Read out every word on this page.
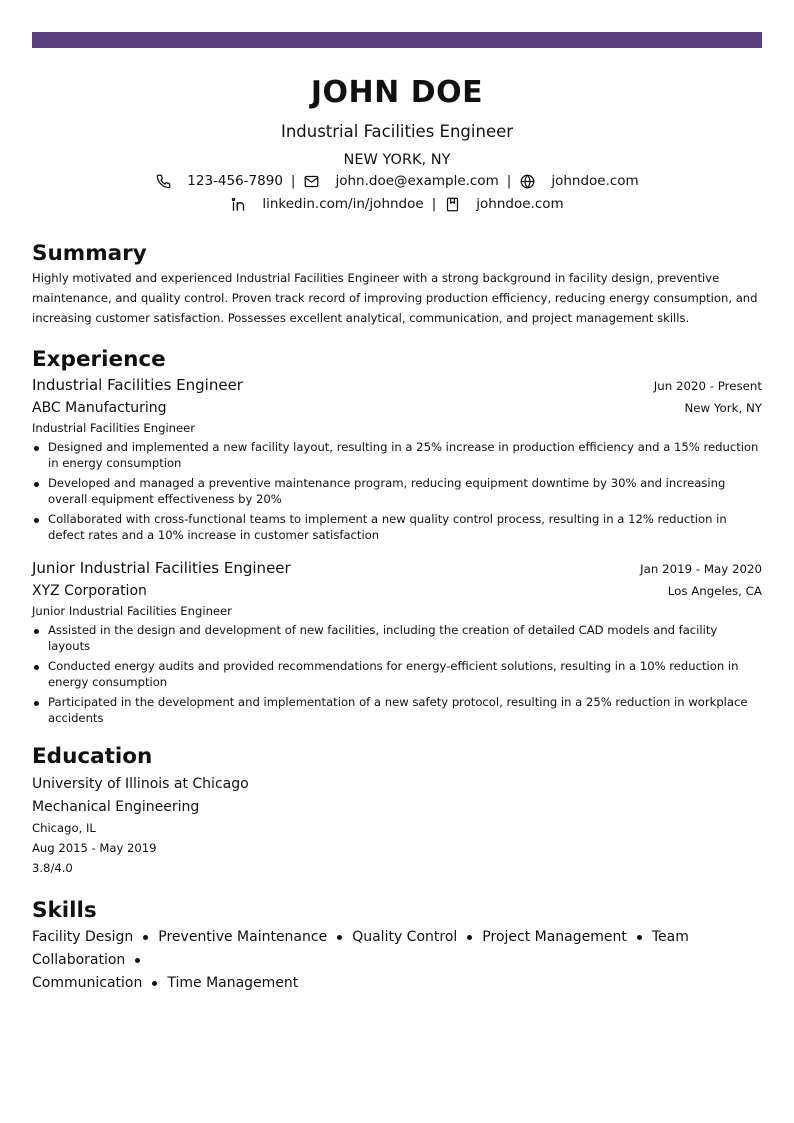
JOHN DOE
Industrial Facilities Engineer
NEW YORK, NY
123-456-7890 |	john.doe@example.com |	johndoe.com
linkedin.com/in/johndoe |	johndoe.com
Summary
Highly motivated and experienced Industrial Facilities Engineer with a strong background in facility design, preventive maintenance, and quality control. Proven track record of improving production efficiency, reducing energy consumption, and increasing customer satisfaction. Possesses excellent analytical, communication, and project management skills.
Experience
Industrial Facilities Engineer	Jun 2020 - Present
ABC Manufacturing	New York, NY
Industrial Facilities Engineer
Designed and implemented a new facility layout, resulting in a 25% increase in production efficiency and a 15% reduction in energy consumption
Developed and managed a preventive maintenance program, reducing equipment downtime by 30% and increasing overall equipment effectiveness by 20%
Collaborated with cross-functional teams to implement a new quality control process, resulting in a 12% reduction in defect rates and a 10% increase in customer satisfaction
Junior Industrial Facilities Engineer	Jan 2019 - May 2020
XYZ Corporation	Los Angeles, CA
Junior Industrial Facilities Engineer
Assisted in the design and development of new facilities, including the creation of detailed CAD models and facility layouts
Conducted energy audits and provided recommendations for energy-efficient solutions, resulting in a 10% reduction in energy consumption
Participated in the development and implementation of a new safety protocol, resulting in a 25% reduction in workplace accidents
Education
University of Illinois at Chicago
Mechanical Engineering
Chicago, IL
Aug 2015 - May 2019
3.8/4.0
Skills
Facility Design Preventive Maintenance Quality Control Project Management Team Collaboration
Communication Time Management
